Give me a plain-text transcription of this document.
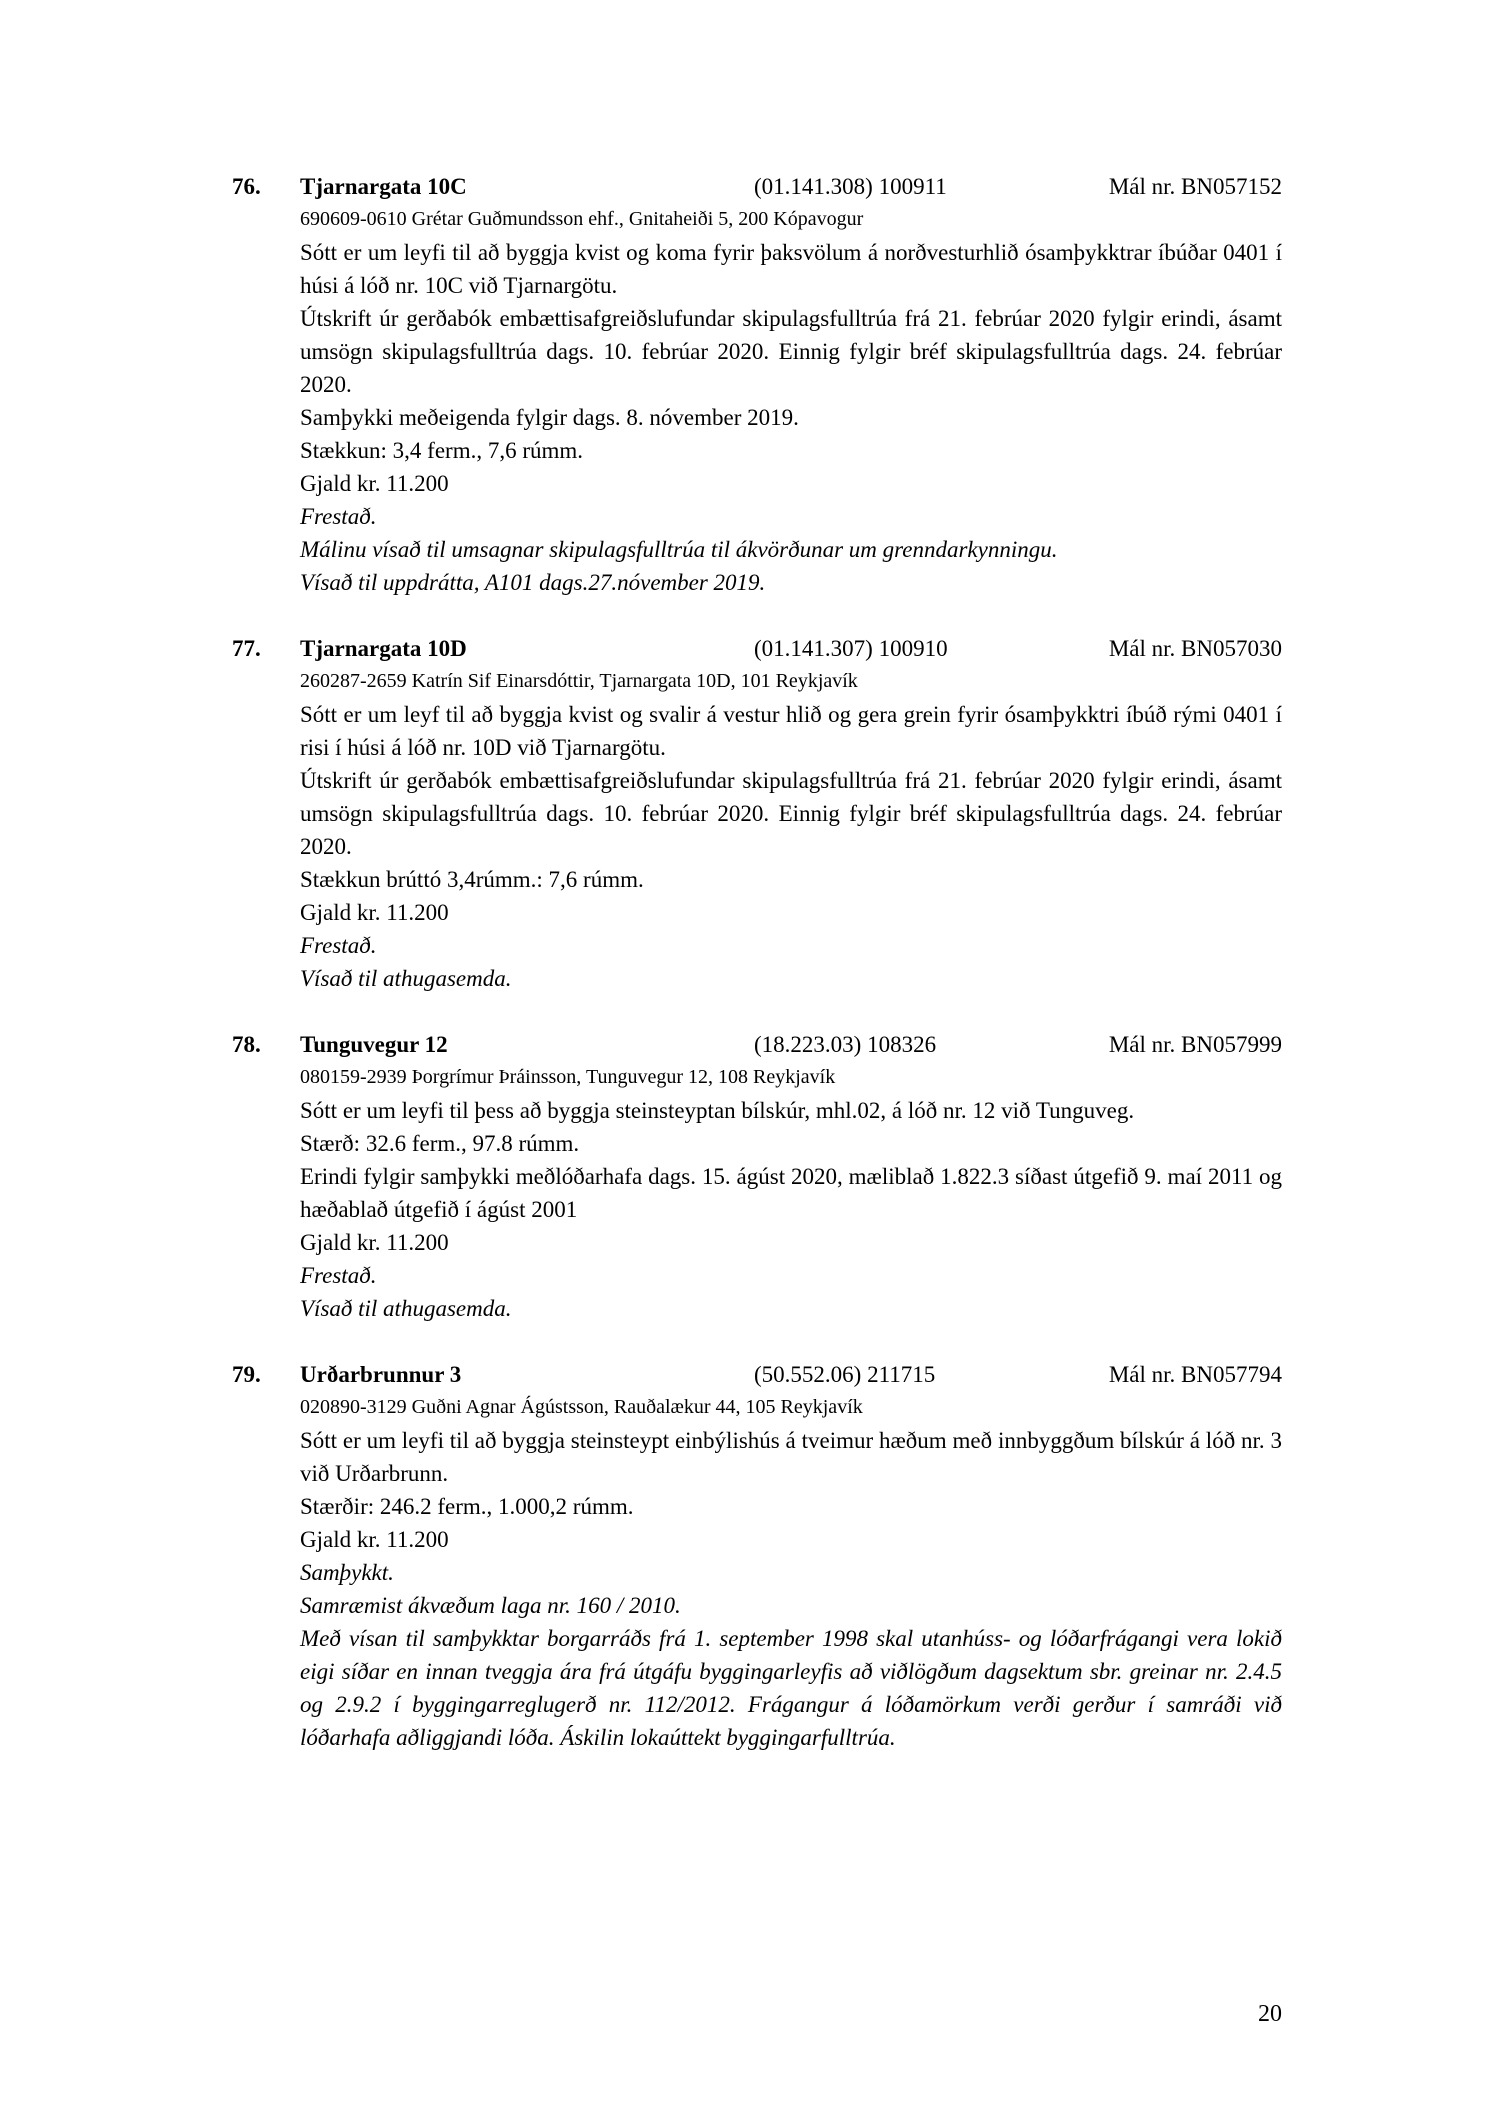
76.	Tjarnargata 10C	(01.141.308) 100911	Mál nr. BN057152

690609-0610 Grétar Guðmundsson ehf., Gnitaheiði 5, 200 Kópavogur

Sótt er um leyfi til að byggja kvist og koma fyrir þaksvölum á norðvesturhlið ósamþykktrar íbúðar 0401 í húsi á lóð nr. 10C við Tjarnargötu.

Útskrift úr gerðabók embættisafgreiðslufundar skipulagsfulltrúa frá 21. febrúar 2020 fylgir erindi, ásamt umsögn skipulagsfulltrúa dags. 10. febrúar 2020. Einnig fylgir bréf skipulagsfulltrúa dags. 24. febrúar 2020.

Samþykki meðeigenda fylgir dags. 8. nóvember 2019.

Stækkun: 3,4 ferm., 7,6 rúmm.

Gjald kr. 11.200

Frestað.

Málinu vísað til umsagnar skipulagsfulltrúa til ákvörðunar um grenndarkynningu.

Vísað til uppdrátta, A101 dags.27.nóvember 2019.

77.	Tjarnargata 10D	(01.141.307) 100910	Mál nr. BN057030

260287-2659 Katrín Sif Einarsdóttir, Tjarnargata 10D, 101 Reykjavík

Sótt er um leyf til að byggja kvist og svalir á vestur hlið og gera grein fyrir ósamþykktri íbúð rými 0401 í risi í húsi á lóð nr. 10D við Tjarnargötu.

Útskrift úr gerðabók embættisafgreiðslufundar skipulagsfulltrúa frá 21. febrúar 2020 fylgir erindi, ásamt umsögn skipulagsfulltrúa dags. 10. febrúar 2020. Einnig fylgir bréf skipulagsfulltrúa dags. 24. febrúar 2020.

Stækkun brúttó 3,4rúmm.: 7,6 rúmm.

Gjald kr. 11.200

Frestað.

Vísað til athugasemda.

78.	Tunguvegur 12	(18.223.03) 108326	Mál nr. BN057999

080159-2939 Þorgrímur Þráinsson, Tunguvegur 12, 108 Reykjavík

Sótt er um leyfi til þess að byggja steinsteyptan bílskúr, mhl.02, á lóð nr. 12 við Tunguveg.

Stærð: 32.6 ferm., 97.8 rúmm.

Erindi fylgir samþykki meðlóðarhafa dags. 15. ágúst 2020, mæliblað 1.822.3 síðast útgefið 9. maí 2011 og hæðablað útgefið í ágúst 2001

Gjald kr. 11.200

Frestað.

Vísað til athugasemda.

79.	Urðarbrunnur 3	(50.552.06) 211715	Mál nr. BN057794

020890-3129 Guðni Agnar Ágústsson, Rauðalækur 44, 105 Reykjavík

Sótt er um leyfi til að byggja steinsteypt einbýlishús á tveimur hæðum með innbyggðum bílskúr á lóð nr. 3 við Urðarbrunn.

Stærðir: 246.2 ferm., 1.000,2 rúmm.

Gjald kr. 11.200

Samþykkt.

Samræmist ákvæðum laga nr. 160 / 2010.

Með vísan til samþykktar borgarráðs frá 1. september 1998 skal utanhúss- og lóðarfrágangi vera lokið eigi síðar en innan tveggja ára frá útgáfu byggingarleyfis að viðlögðum dagsektum sbr. greinar nr. 2.4.5 og 2.9.2 í byggingarreglugerð nr. 112/2012. Frágangur á lóðamörkum verði gerður í samráði við lóðarhafa aðliggjandi lóða. Áskilin lokaúttekt byggingarfulltrúa.

20
